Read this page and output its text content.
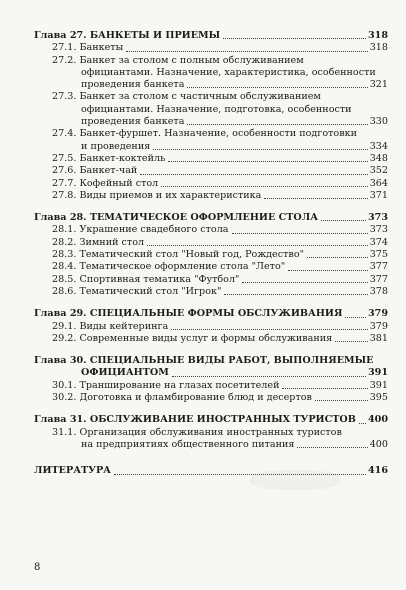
Глава 27. БАНКЕТЫ И ПРИЕМЫ	318
27.1. Банкеты	318
27.2. Банкет за столом с полным обслуживанием
официантами. Назначение, характеристика, особенности
проведения банкета	321
27.3. Банкет за столом с частичным обслуживанием
официантами. Назначение, подготовка, особенности
проведения банкета	330
27.4. Банкет-фуршет. Назначение, особенности подготовки
и проведения	334
27.5. Банкет-коктейль	348
27.6. Банкет-чай	352
27.7. Кофейный стол	364
27.8. Виды приемов и их характеристика	371
Глава 28. ТЕМАТИЧЕСКОЕ ОФОРМЛЕНИЕ СТОЛА	373
28.1. Украшение свадебного стола	373
28.2. Зимний стол	374
28.3. Тематический стол "Новый год, Рождество"	375
28.4. Тематическое оформление стола "Лето"	377
28.5. Спортивная тематика "Футбол"	377
28.6. Тематический стол "Игрок"	378
Глава 29. СПЕЦИАЛЬНЫЕ ФОРМЫ ОБСЛУЖИВАНИЯ	379
29.1. Виды кейтеринга	379
29.2. Современные виды услуг и формы обслуживания	381
Глава 30. СПЕЦИАЛЬНЫЕ ВИДЫ РАБОТ, ВЫПОЛНЯЕМЫЕ
ОФИЦИАНТОМ	391
30.1. Транширование на глазах посетителей	391
30.2. Доготовка и фламбирование блюд и десертов	395
Глава 31. ОБСЛУЖИВАНИЕ ИНОСТРАННЫХ ТУРИСТОВ 400
31.1. Организация обслуживания иностранных туристов
на предприятиях общественного питания	400
ЛИТЕРАТУРА	416
8
